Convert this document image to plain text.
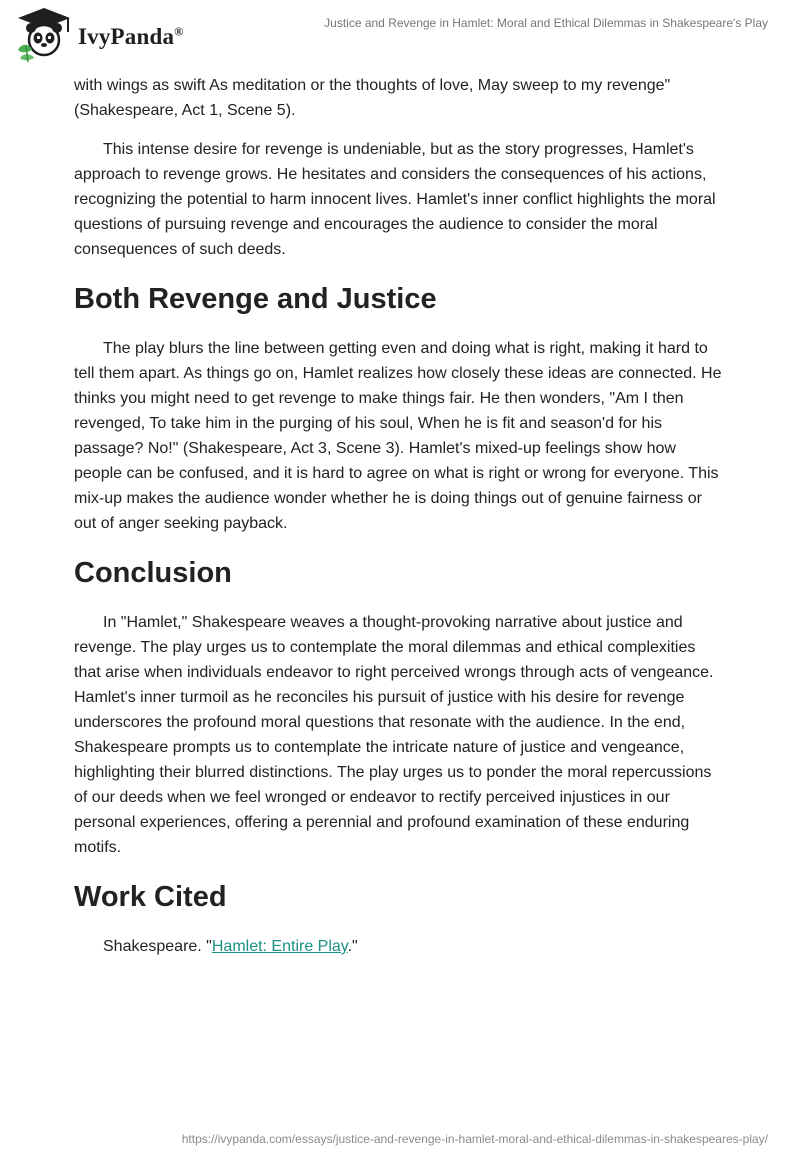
IvyPanda®
Justice and Revenge in Hamlet: Moral and Ethical Dilemmas in Shakespeare's Play

with wings as swift As meditation or the thoughts of love, May sweep to my revenge" (Shakespeare, Act 1, Scene 5).

This intense desire for revenge is undeniable, but as the story progresses, Hamlet's approach to revenge grows. He hesitates and considers the consequences of his actions, recognizing the potential to harm innocent lives. Hamlet's inner conflict highlights the moral questions of pursuing revenge and encourages the audience to consider the moral consequences of such deeds.

Both Revenge and Justice

The play blurs the line between getting even and doing what is right, making it hard to tell them apart. As things go on, Hamlet realizes how closely these ideas are connected. He thinks you might need to get revenge to make things fair. He then wonders, "Am I then revenged, To take him in the purging of his soul, When he is fit and season'd for his passage? No!" (Shakespeare, Act 3, Scene 3). Hamlet's mixed-up feelings show how people can be confused, and it is hard to agree on what is right or wrong for everyone. This mix-up makes the audience wonder whether he is doing things out of genuine fairness or out of anger seeking payback.

Conclusion

In "Hamlet," Shakespeare weaves a thought-provoking narrative about justice and revenge. The play urges us to contemplate the moral dilemmas and ethical complexities that arise when individuals endeavor to right perceived wrongs through acts of vengeance. Hamlet's inner turmoil as he reconciles his pursuit of justice with his desire for revenge underscores the profound moral questions that resonate with the audience. In the end, Shakespeare prompts us to contemplate the intricate nature of justice and vengeance, highlighting their blurred distinctions. The play urges us to ponder the moral repercussions of our deeds when we feel wronged or endeavor to rectify perceived injustices in our personal experiences, offering a perennial and profound examination of these enduring motifs.

Work Cited

Shakespeare. "Hamlet: Entire Play."

https://ivypanda.com/essays/justice-and-revenge-in-hamlet-moral-and-ethical-dilemmas-in-shakespeares-play/
